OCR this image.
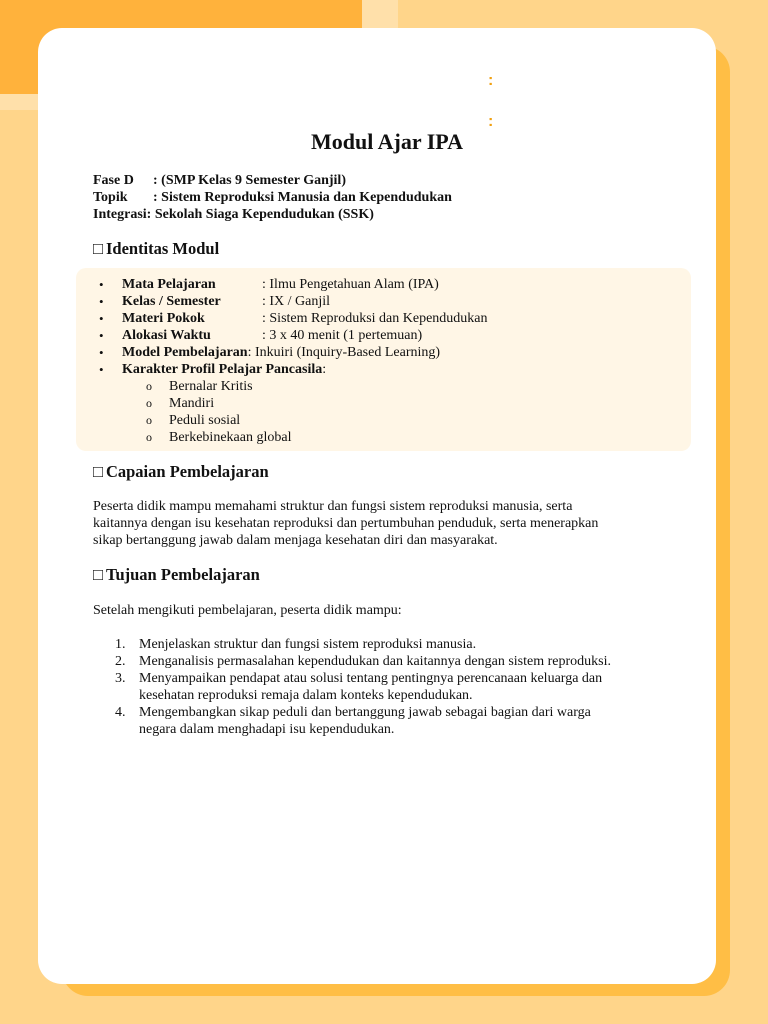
:
:
Modul Ajar IPA
Fase D	: (SMP Kelas 9 Semester Ganjil)
Topik	: Sistem Reproduksi Manusia dan Kependudukan
Integrasi : Sekolah Siaga Kependudukan (SSK)
□ Identitas Modul
• Mata Pelajaran	: Ilmu Pengetahuan Alam (IPA)
• Kelas / Semester	: IX / Ganjil
• Materi Pokok	: Sistem Reproduksi dan Kependudukan
• Alokasi Waktu	: 3 x 40 menit (1 pertemuan)
• Model Pembelajaran : Inkuiri (Inquiry-Based Learning)
• Karakter Profil Pelajar Pancasila :
o Bernalar Kritis
o Mandiri
o Peduli sosial
o Berkebinekaan global
□ Capaian Pembelajaran

Peserta didik mampu memahami struktur dan fungsi sistem reproduksi manusia, serta

kaitannya dengan isu kesehatan reproduksi dan pertumbuhan penduduk, serta menerapkan

sikap bertanggung jawab dalam menjaga kesehatan diri dan masyarakat.

□ Tujuan Pembelajaran

Setelah mengikuti pembelajaran, peserta didik mampu:

1. Menjelaskan struktur dan fungsi sistem reproduksi manusia.
2. Menganalisis permasalahan kependudukan dan kaitannya dengan sistem reproduksi.
3. Menyampaikan pendapat atau solusi tentang pentingnya perencanaan keluarga dan
kesehatan reproduksi remaja dalam konteks kependudukan.
4. Mengembangkan sikap peduli dan bertanggung jawab sebagai bagian dari warga
negara dalam menghadapi isu kependudukan.
